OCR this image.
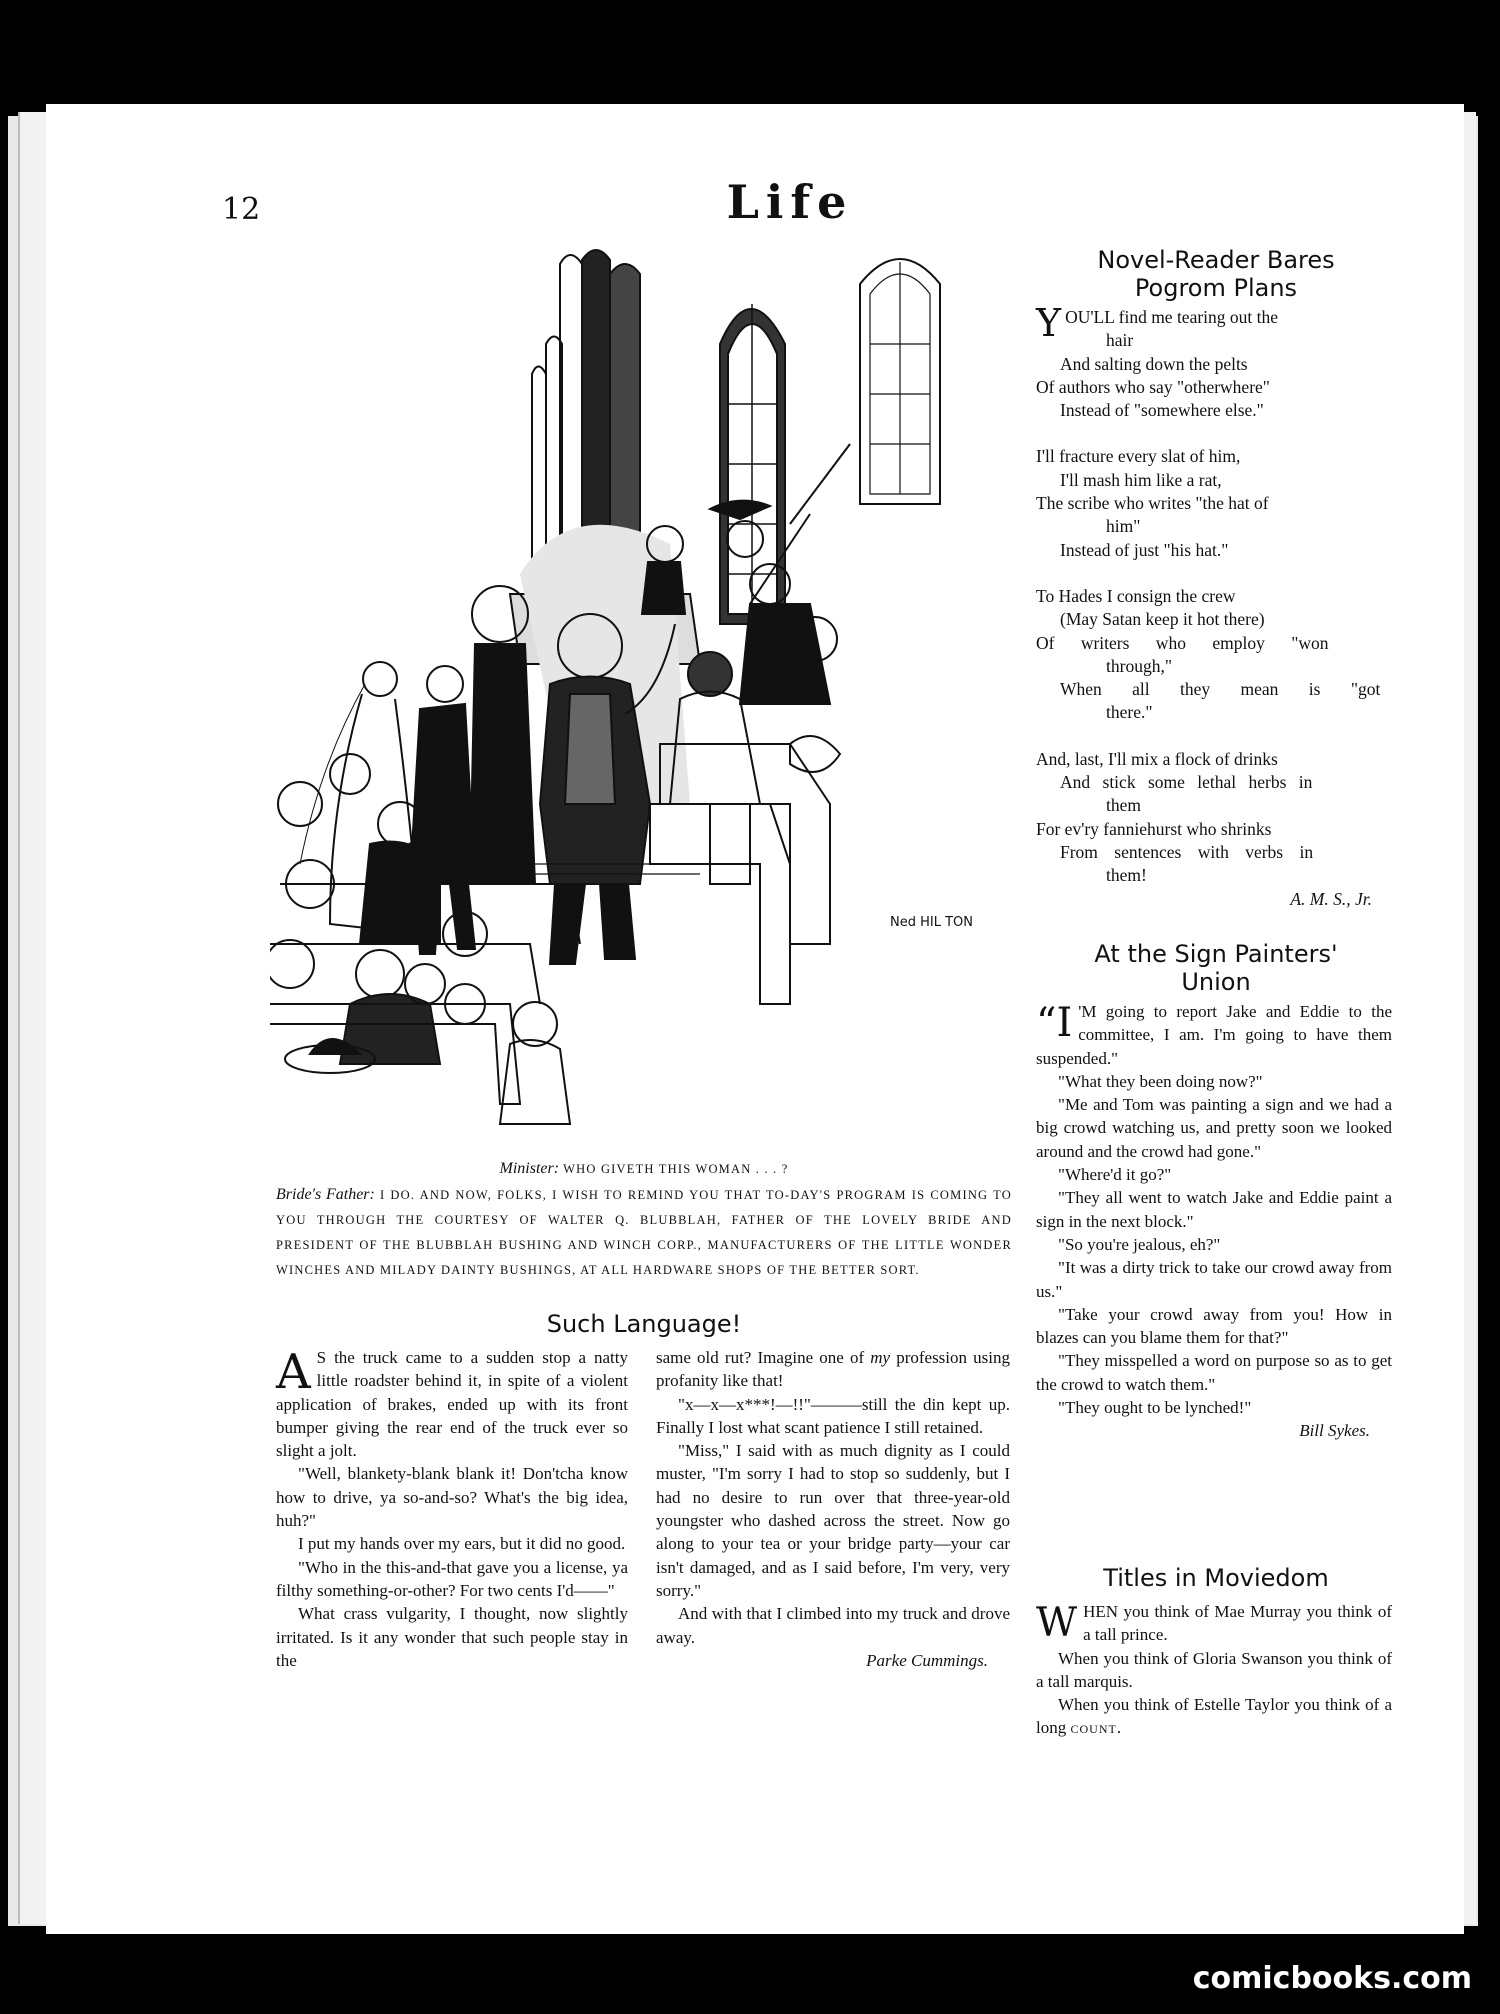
12	Life
Ned HIL TON
Minister: WHO GIVETH THIS WOMAN . . . ?
Bride's Father: I DO. AND NOW, FOLKS, I WISH TO REMIND YOU THAT TO-DAY'S PROGRAM IS COMING TO YOU THROUGH THE COURTESY OF WALTER Q. BLUBBLAH, FATHER OF THE LOVELY BRIDE AND PRESIDENT OF THE BLUBBLAH BUSHING AND WINCH CORP., MANUFACTURERS OF THE LITTLE WONDER WINCHES AND MILADY DAINTY BUSHINGS, AT ALL HARDWARE SHOPS OF THE BETTER SORT.
Such Language!
A S the truck came to a sudden stop a natty little roadster behind it, in spite of a violent application of brakes, ended up with its front bumper giving the rear end of the truck ever so slight a jolt.

"Well, blankety-blank blank it! Don'tcha know how to drive, ya so-and-so? What's the big idea, huh?"

I put my hands over my ears, but it did no good.

"Who in the this-and-that gave you a license, ya filthy something-or-other? For two cents I'd——"

What crass vulgarity, I thought, now slightly irritated. Is it any wonder that such people stay in the

same old rut? Imagine one of my profession using profanity like that!

"x—x—x***!—!!"———still the din kept up. Finally I lost what scant patience I still retained.

"Miss," I said with as much dignity as I could muster, "I'm sorry I had to stop so suddenly, but I had no desire to run over that three-year-old youngster who dashed across the street. Now go along to your tea or your bridge party—your car isn't damaged, and as I said before, I'm very, very sorry."

And with that I climbed into my truck and drove away.

Parke Cummings.

Novel-Reader Bares
Pogrom Plans
YOU'LL find me tearing out the
hair
And salting down the pelts
Of authors who say "otherwhere"
Instead of "somewhere else."
I'll fracture every slat of him,
I'll mash him like a rat,
The scribe who writes "the hat of
him"
Instead of just "his hat."
To Hades I consign the crew
(May Satan keep it hot there)
Of writers who employ "won
through,"
When all they mean is "got
there."
And, last, I'll mix a flock of drinks
And stick some lethal herbs in
them
For ev'ry fanniehurst who shrinks
From sentences with verbs in
them!
A. M. S., Jr.
At the Sign Painters'
Union
“I 'M going to report Jake and Eddie to the committee, I am. I'm going to have them suspended."

"What they been doing now?"

"Me and Tom was painting a sign and we had a big crowd watching us, and pretty soon we looked around and the crowd had gone."

"Where'd it go?"

"They all went to watch Jake and Eddie paint a sign in the next block."

"So you're jealous, eh?"

"It was a dirty trick to take our crowd away from us."

"Take your crowd away from you! How in blazes can you blame them for that?"

"They misspelled a word on purpose so as to get the crowd to watch them."

"They ought to be lynched!"

Bill Sykes.

Titles in Moviedom
W HEN you think of Mae Murray you think of a tall prince.

When you think of Gloria Swanson you think of a tall marquis.

When you think of Estelle Taylor you think of a long count.

comicbooks.com
